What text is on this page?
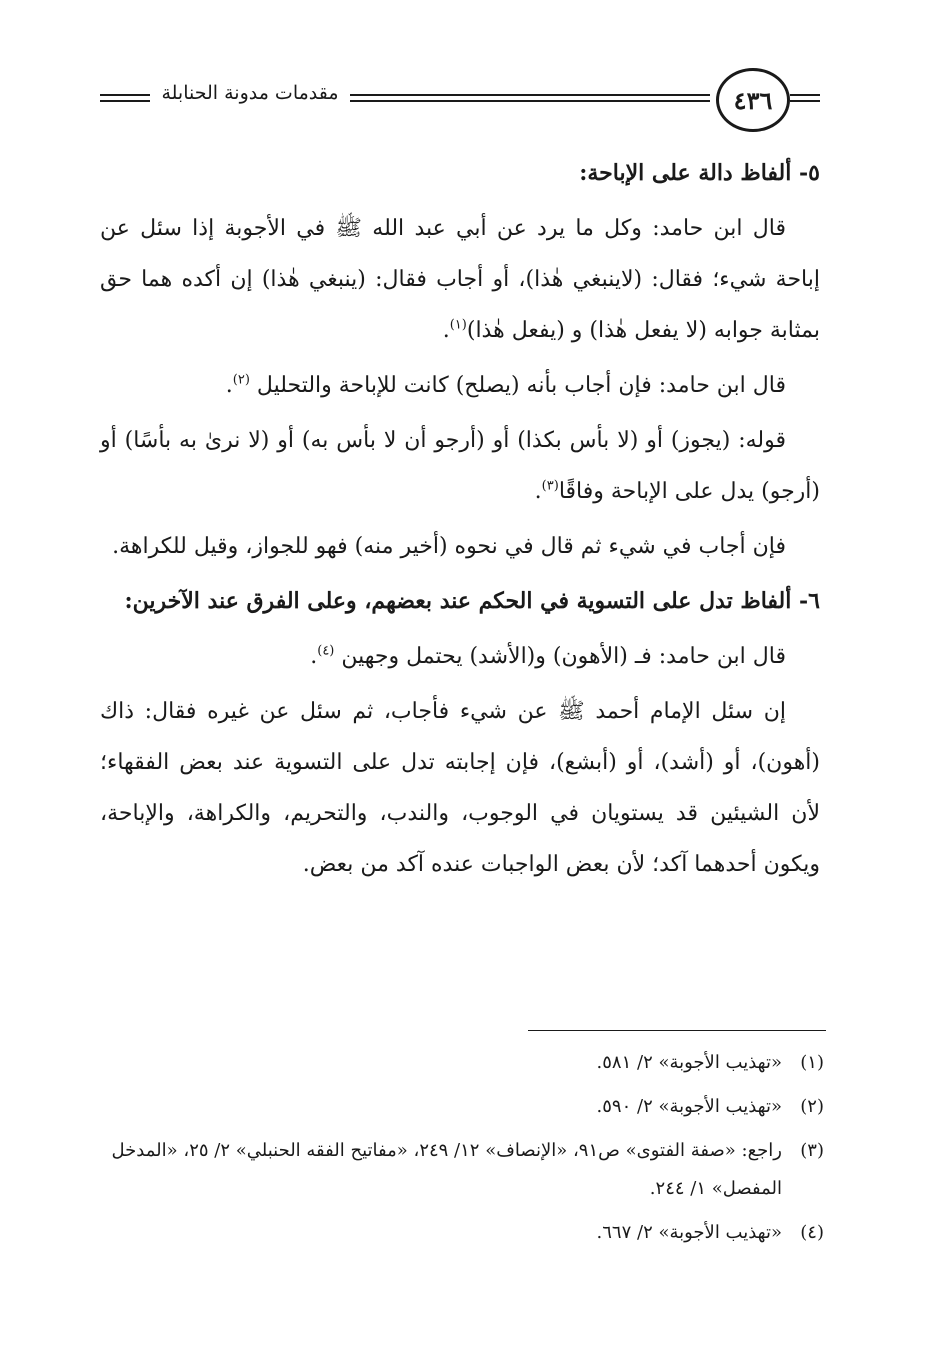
مقدمات مدونة الحنابلة	٤٣٦
٥- ألفاظ دالة على الإباحة:

قال ابن حامد: وكل ما يرد عن أبي عبد الله ﷺ في الأجوبة إذا سئل عن إباحة شيء؛ فقال: (لاينبغي هٰذا)، أو أجاب فقال: (ينبغي هٰذا) إن أكده هما حق بمثابة جوابه (لا يفعل هٰذا) و (يفعل هٰذا)$^{(١)}$.

قال ابن حامد: فإن أجاب بأنه (يصلح) كانت للإباحة والتحليل $^{(٢)}$.

قوله: (يجوز) أو (لا بأس بكذا) أو (أرجو أن لا بأس به) أو (لا نرىٰ به بأسًا) أو (أرجو) يدل على الإباحة وفاقًا$^{(٣)}$.

فإن أجاب في شيء ثم قال في نحوه (أخير منه) فهو للجواز، وقيل للكراهة.

٦- ألفاظ تدل على التسوية في الحكم عند بعضهم، وعلى الفرق عند الآخرين:

قال ابن حامد: فـ (الأهون) و(الأشد) يحتمل وجهين $^{(٤)}$.

إن سئل الإمام أحمد ﷺ عن شيء فأجاب، ثم سئل عن غيره فقال: ذاك (أهون)، أو (أشد)، أو (أبشع)، فإن إجابته تدل على التسوية عند بعض الفقهاء؛ لأن الشيئين قد يستويان في الوجوب، والندب، والتحريم، والكراهة، والإباحة، ويكون أحدهما آكد؛ لأن بعض الواجبات عنده آكد من بعض.

(١)
«تهذيب الأجوبة» ٢/ ٥٨١.
(٢)
«تهذيب الأجوبة» ٢/ ٥٩٠.
(٣)
راجع: «صفة الفتوى» ص٩١، «الإنصاف» ١٢/ ٢٤٩، «مفاتيح الفقه الحنبلي» ٢/ ٢٥، «المدخل المفصل» ١/ ٢٤٤.
(٤)
«تهذيب الأجوبة» ٢/ ٦٦٧.
